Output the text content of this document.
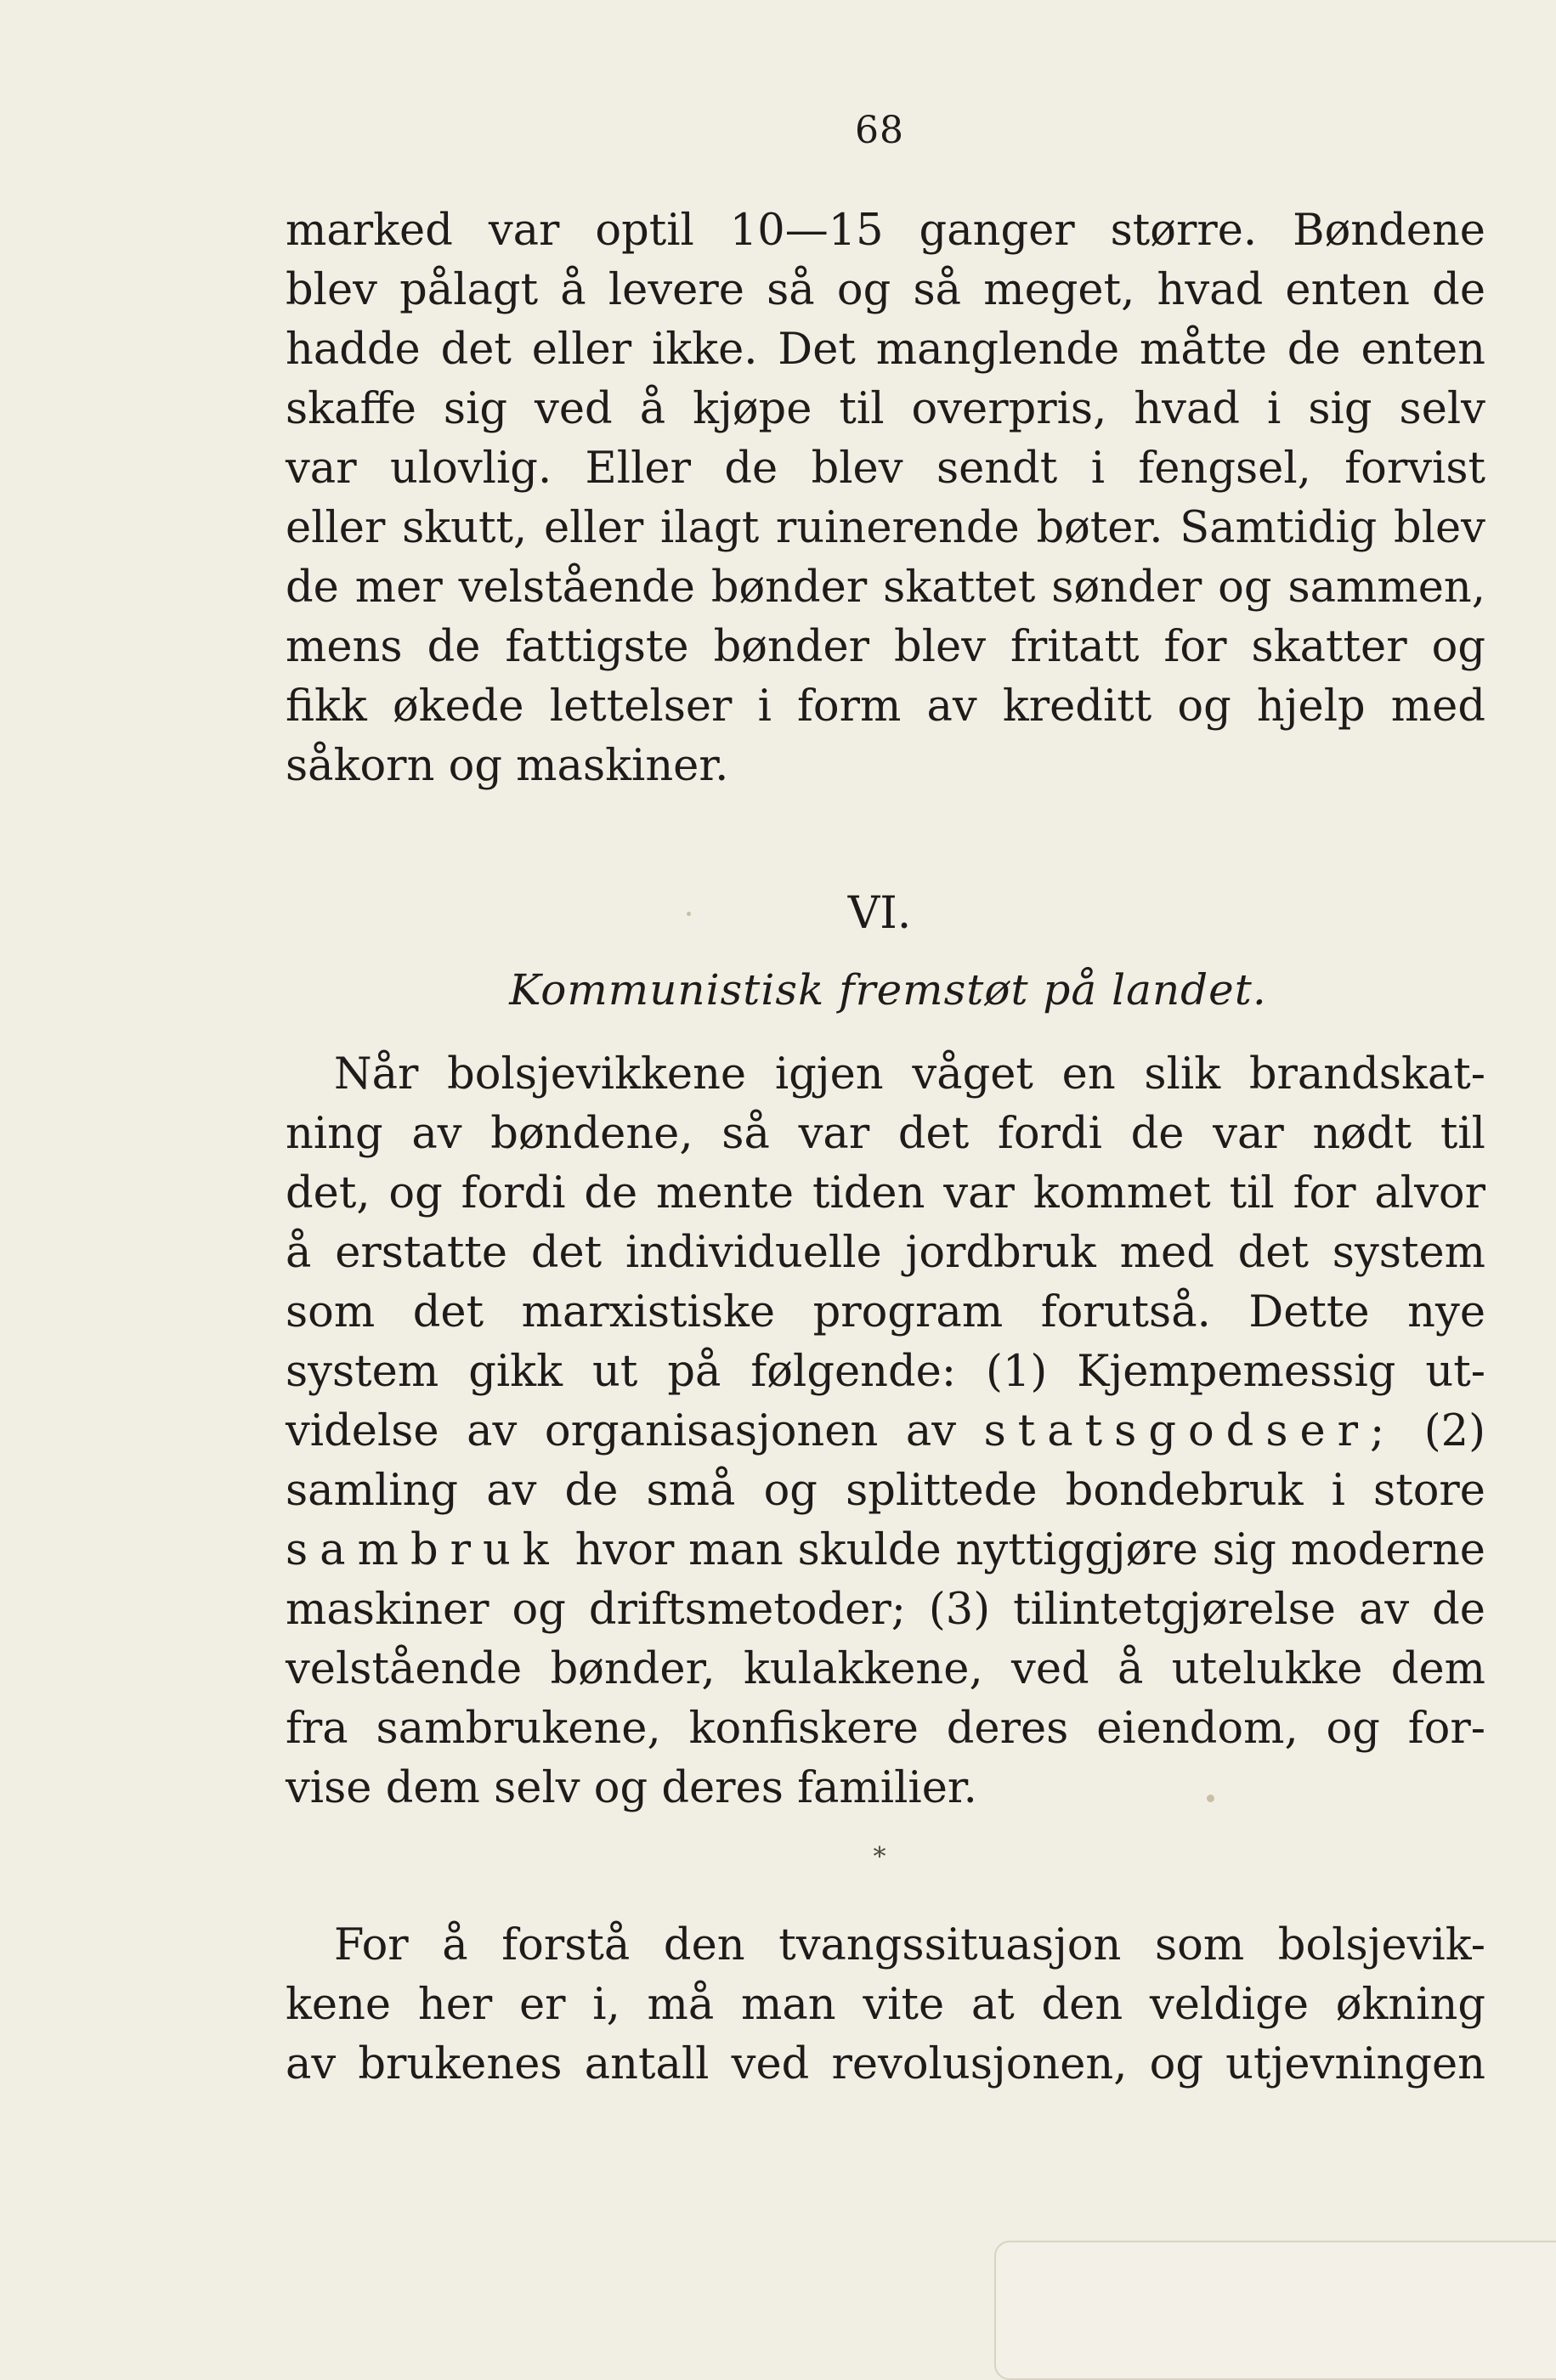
68
marked var optil 10—15 ganger større. Bøndene
blev pålagt å levere så og så meget, hvad enten de
hadde det eller ikke. Det manglende måtte de enten
skaffe sig ved å kjøpe til overpris, hvad i sig selv
var ulovlig. Eller de blev sendt i fengsel, forvist
eller skutt, eller ilagt ruinerende bøter. Samtidig blev
de mer velstående bønder skattet sønder og sammen,
mens de fattigste bønder blev fritatt for skatter og
fikk økede lettelser i form av kreditt og hjelp med
såkorn og maskiner.
VI.
Kommunistisk fremstøt på landet.
Når bolsjevikkene igjen våget en slik brandskat-
ning av bøndene, så var det fordi de var nødt til
det, og fordi de mente tiden var kommet til for alvor
å erstatte det individuelle jordbruk med det system
som det marxistiske program forutså. Dette nye
system gikk ut på følgende: (1) Kjempemessig ut-
videlse av organisasjonen av statsgodser; (2)
samling av de små og splittede bondebruk i store
sambruk hvor man skulde nyttiggjøre sig moderne
maskiner og driftsmetoder; (3) tilintetgjørelse av de
velstående bønder, kulakkene, ved å utelukke dem
fra sambrukene, konfiskere deres eiendom, og for-
vise dem selv og deres familier.
*
For å forstå den tvangssituasjon som bolsjevik-
kene her er i, må man vite at den veldige økning
av brukenes antall ved revolusjonen, og utjevningen
